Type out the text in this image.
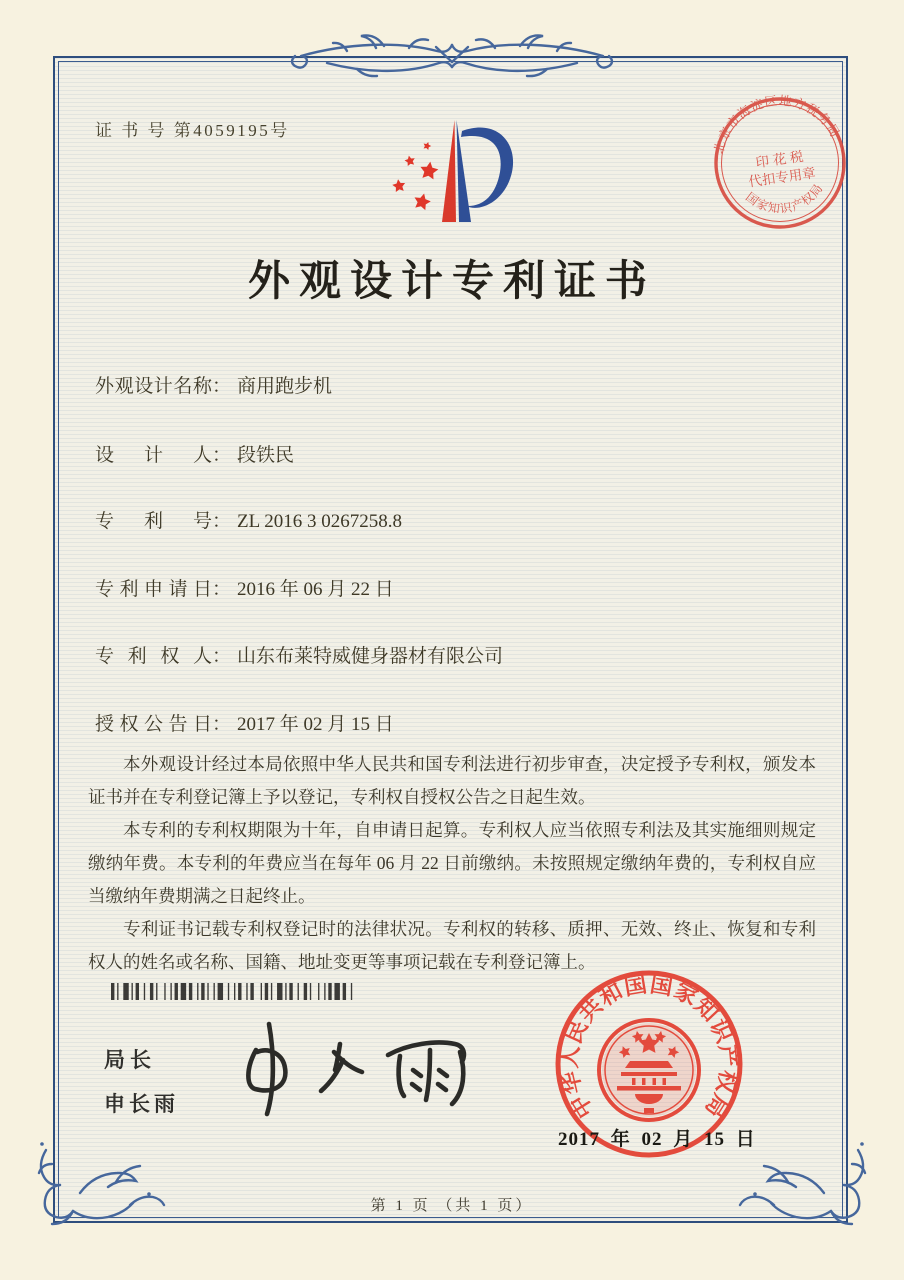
证 书 号 第4059195号
北京市海淀区地方税务局
印 花 税
代扣专用章
国家知识产权局
外观设计专利证书
外观设计名称： 商用跑步机
设计人： 段铁民
专利号： ZL 2016 3 0267258.8
专利申请日： 2016 年 06 月 22 日
专利权人： 山东布莱特威健身器材有限公司
授权公告日： 2017 年 02 月 15 日

本外观设计经过本局依照中华人民共和国专利法进行初步审查，决定授予专利权，颁发本证书并在专利登记簿上予以登记，专利权自授权公告之日起生效。

本专利的专利权期限为十年，自申请日起算。专利权人应当依照专利法及其实施细则规定缴纳年费。本专利的年费应当在每年 06 月 22 日前缴纳。未按照规定缴纳年费的，专利权自应当缴纳年费期满之日起终止。

专利证书记载专利权登记时的法律状况。专利权的转移、质押、无效、终止、恢复和专利权人的姓名或名称、国籍、地址变更等事项记载在专利登记簿上。

局长
申长雨	中华人民共和国国家知识产权局
2017 年 02 月 15 日
第 1 页 （共 1 页）
